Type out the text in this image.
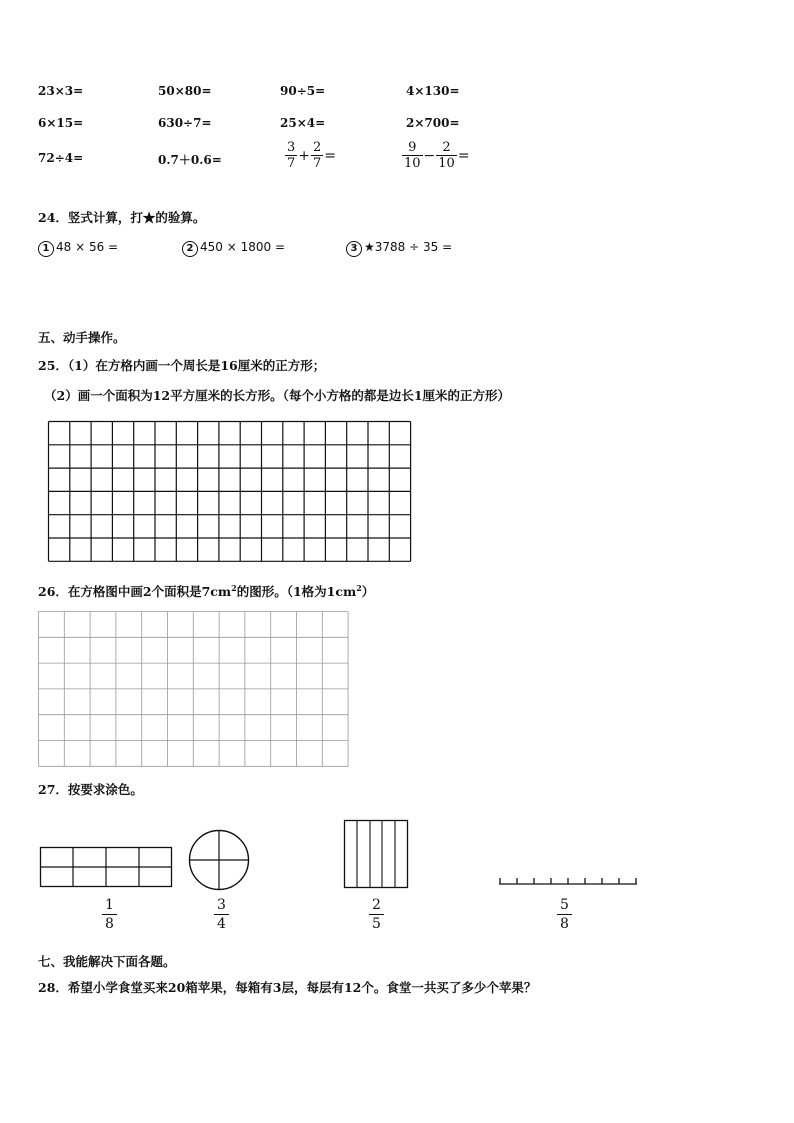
23×3=	50×80=	90÷5=	4×130=
6×15=	630÷7=	25×4=	2×700=
72÷4=	0.7＋0.6=	$\frac{3}{7} + \frac{2}{7}$ =	$\frac{9}{10} - \frac{2}{10}$ =
24．竖式计算，打★的验算。
1 48 × 56 =	2 450 × 1800 =	3 ★3788 ÷ 35 =
五、动手操作。
25．（1）在方格内画一个周长是16厘米的正方形；
（2）画一个面积为12平方厘米的长方形。（每个小方格的都是边长1厘米的正方形）
26．在方格图中画2个面积是$7cm^2$的图形。（1格为$1cm^2$）
27．按要求涂色。
1
8
3
4
2
5
5
8
七、我能解决下面各题。
28．希望小学食堂买来20箱苹果，每箱有3层，每层有12个。食堂一共买了多少个苹果？
